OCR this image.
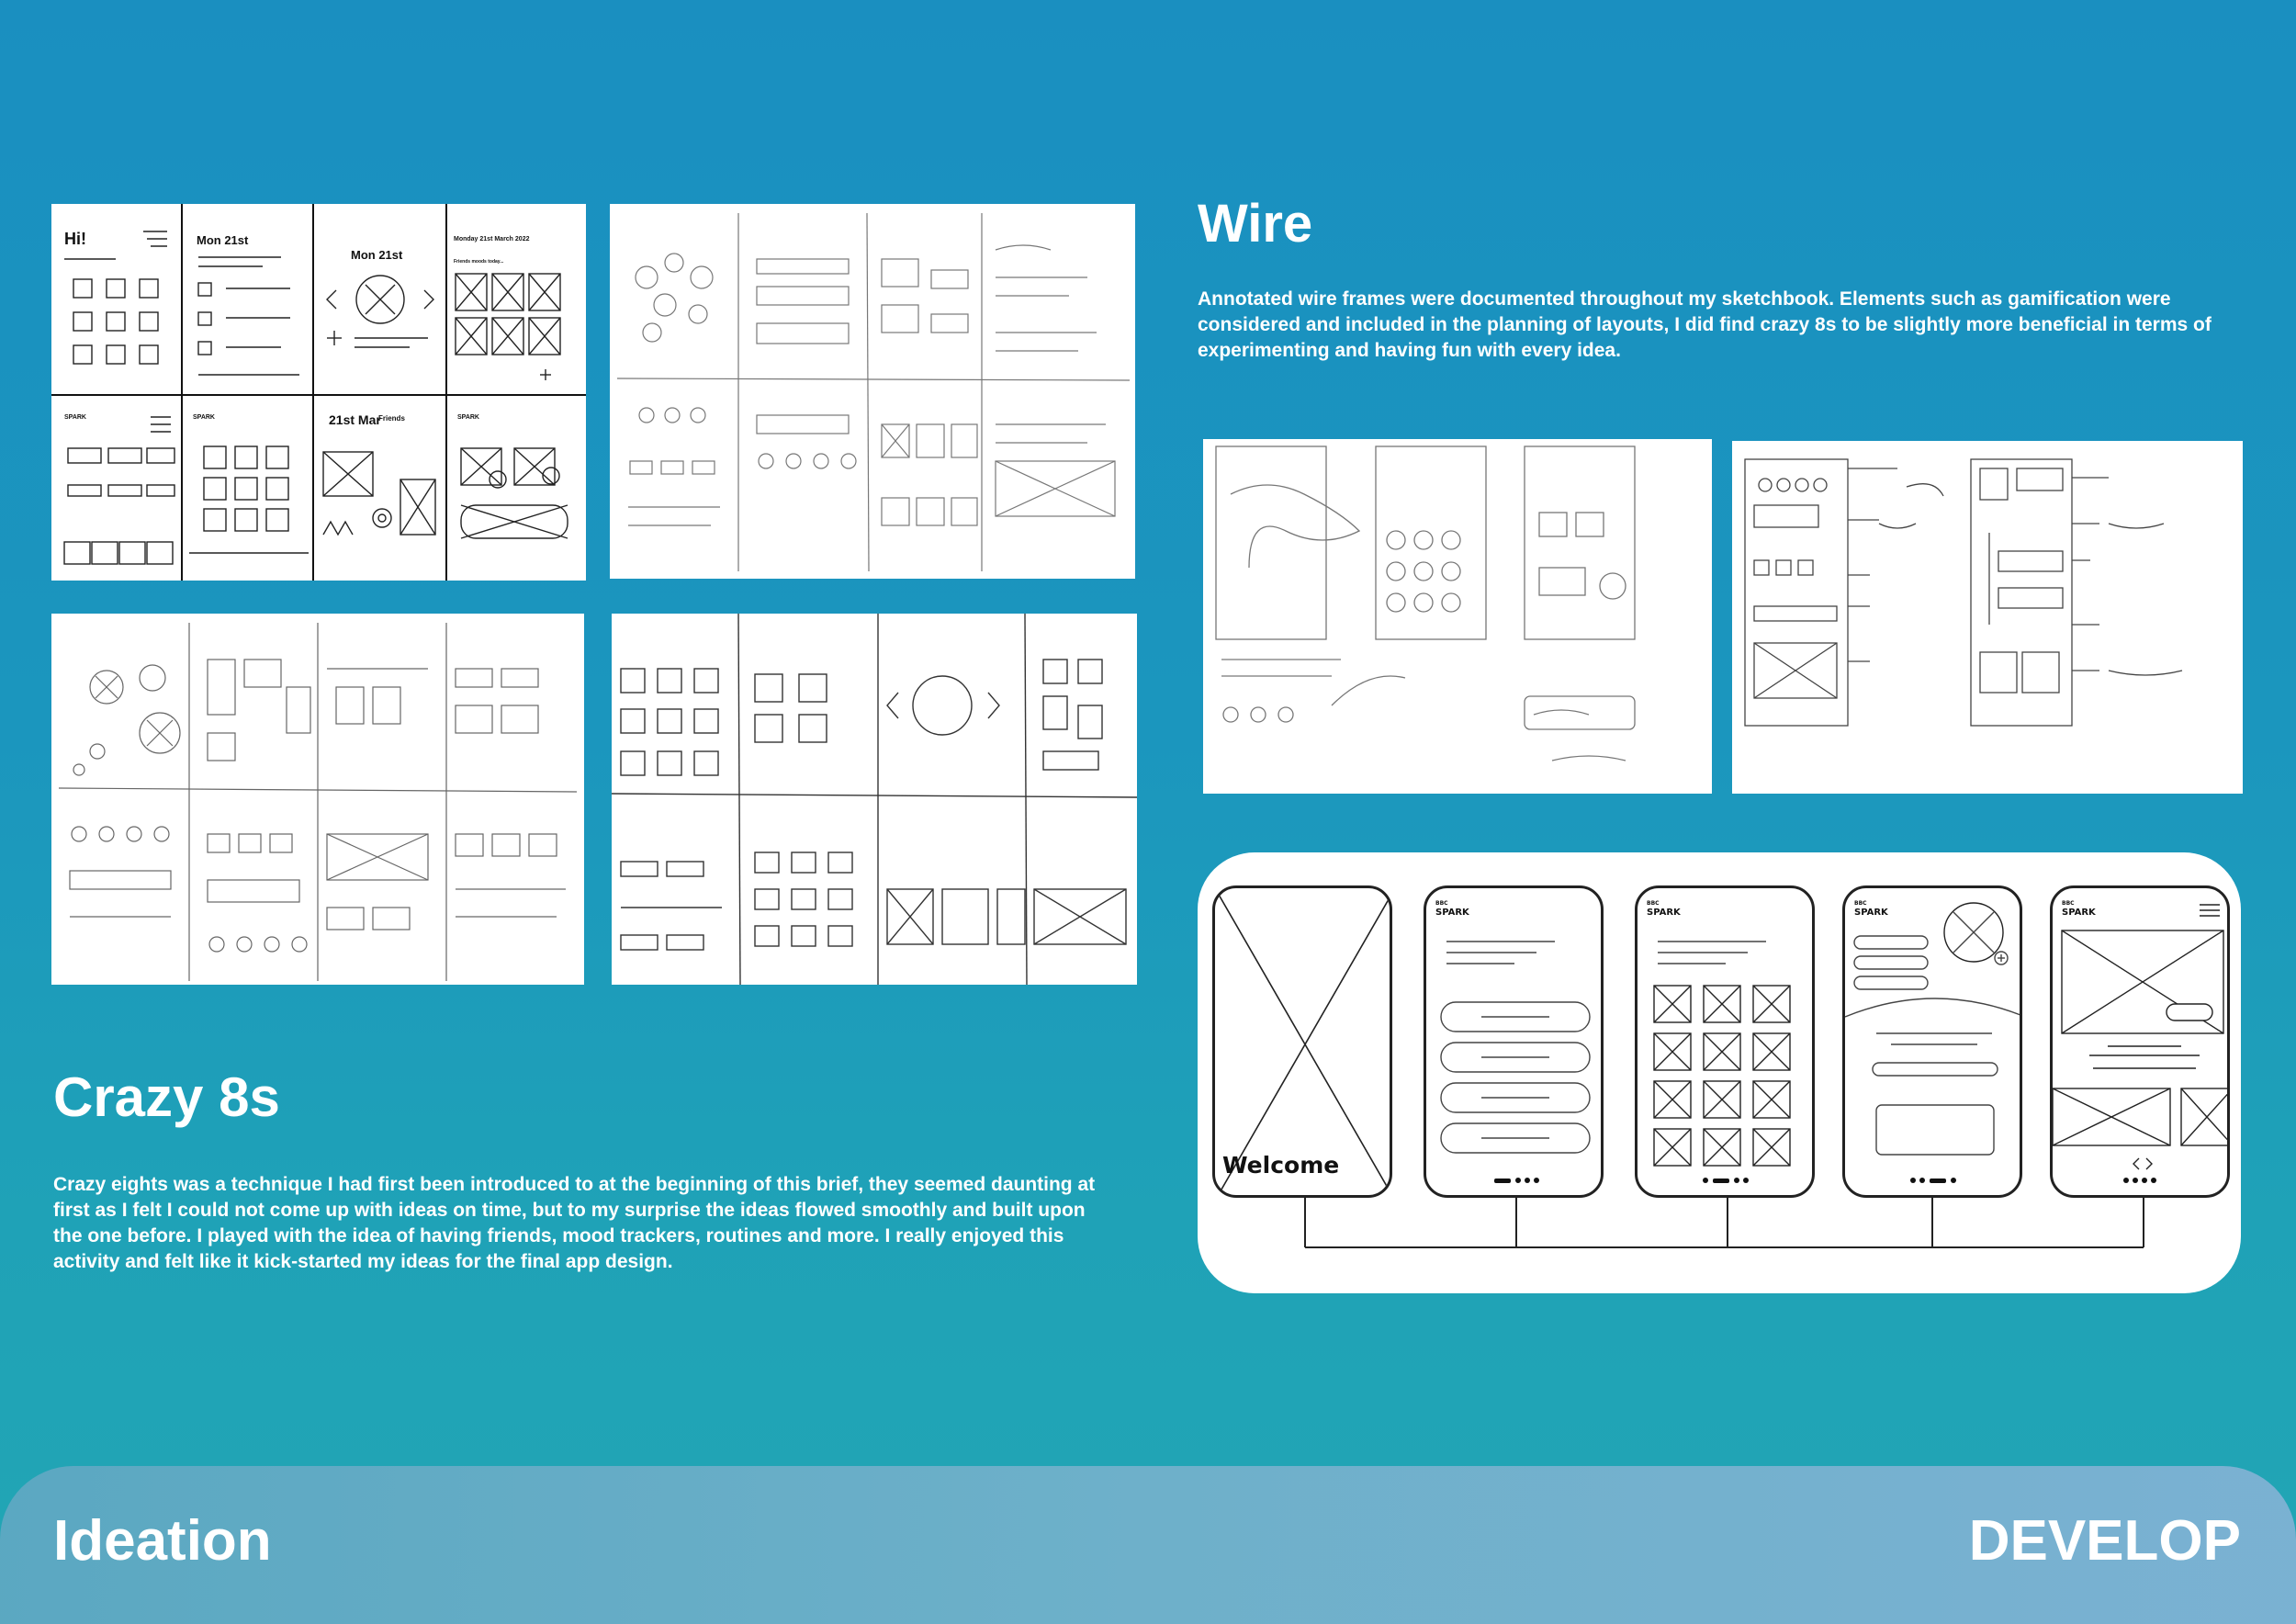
Hi!	Mon 21st
Mon 21st
Monday 21st March 2022
Friends moods today...
SPARK	SPARK	21st Mar
Friends	SPARK
Wire

Annotated wire frames were documented throughout my sketchbook. Elements such as gamification were considered and included in the planning of layouts, I did find crazy 8s to be slightly more beneficial in terms of experimenting and having fun with every idea.

Welcome
BBC
SPARK
BBC
SPARK
BBC
SPARK
BBC
SPARK
Crazy 8s

Crazy eights was a technique I had first been introduced to at the beginning of this brief, they seemed daunting at first as I felt I could not come up with ideas on time, but to my surprise the ideas flowed smoothly and built upon the one before. I played with the idea of having friends, mood trackers, routines and more. I really enjoyed this activity and felt like it kick-started my ideas for the final app design.

Ideation	DEVELOP
